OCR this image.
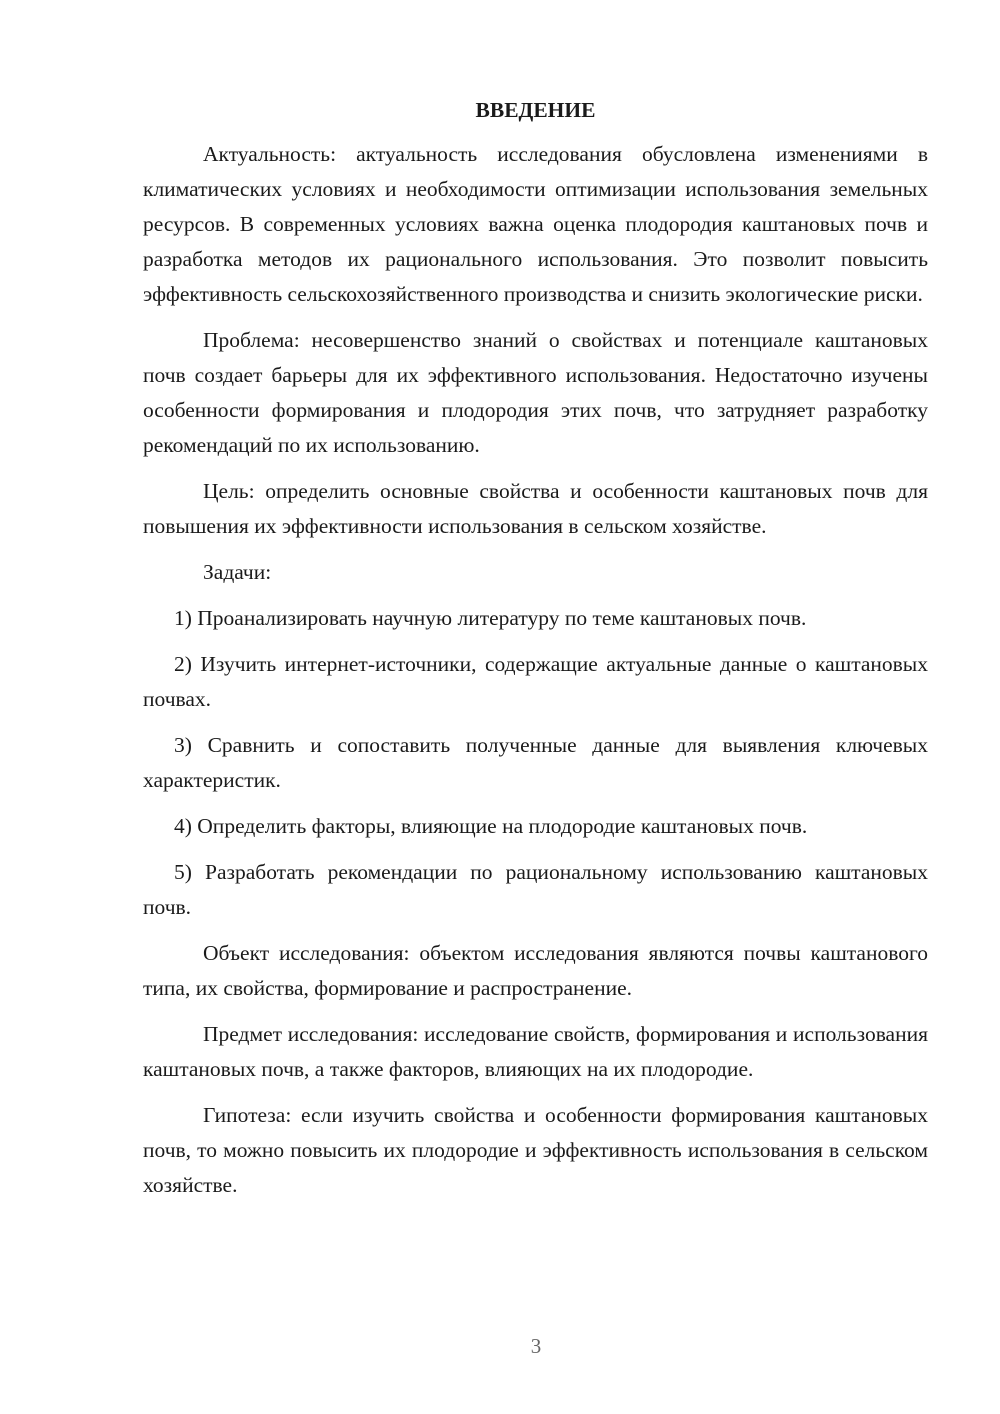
ВВЕДЕНИЕ

Актуальность: актуальность исследования обусловлена изменениями в климатических условиях и необходимости оптимизации использования земельных ресурсов. В современных условиях важна оценка плодородия каштановых почв и разработка методов их рационального использования. Это позволит повысить эффективность сельскохозяйственного производства и снизить экологические риски.

Проблема: несовершенство знаний о свойствах и потенциале каштановых почв создает барьеры для их эффективного использования. Недостаточно изучены особенности формирования и плодородия этих почв, что затрудняет разработку рекомендаций по их использованию.

Цель: определить основные свойства и особенности каштановых почв для повышения их эффективности использования в сельском хозяйстве.

Задачи:

1) Проанализировать научную литературу по теме каштановых почв.

2) Изучить интернет-источники, содержащие актуальные данные о каштановых почвах.

3) Сравнить и сопоставить полученные данные для выявления ключевых характеристик.

4) Определить факторы, влияющие на плодородие каштановых почв.

5) Разработать рекомендации по рациональному использованию каштановых почв.

Объект исследования: объектом исследования являются почвы каштанового типа, их свойства, формирование и распространение.

Предмет исследования: исследование свойств, формирования и использования каштановых почв, а также факторов, влияющих на их плодородие.

Гипотеза: если изучить свойства и особенности формирования каштановых почв, то можно повысить их плодородие и эффективность использования в сельском хозяйстве.

3
